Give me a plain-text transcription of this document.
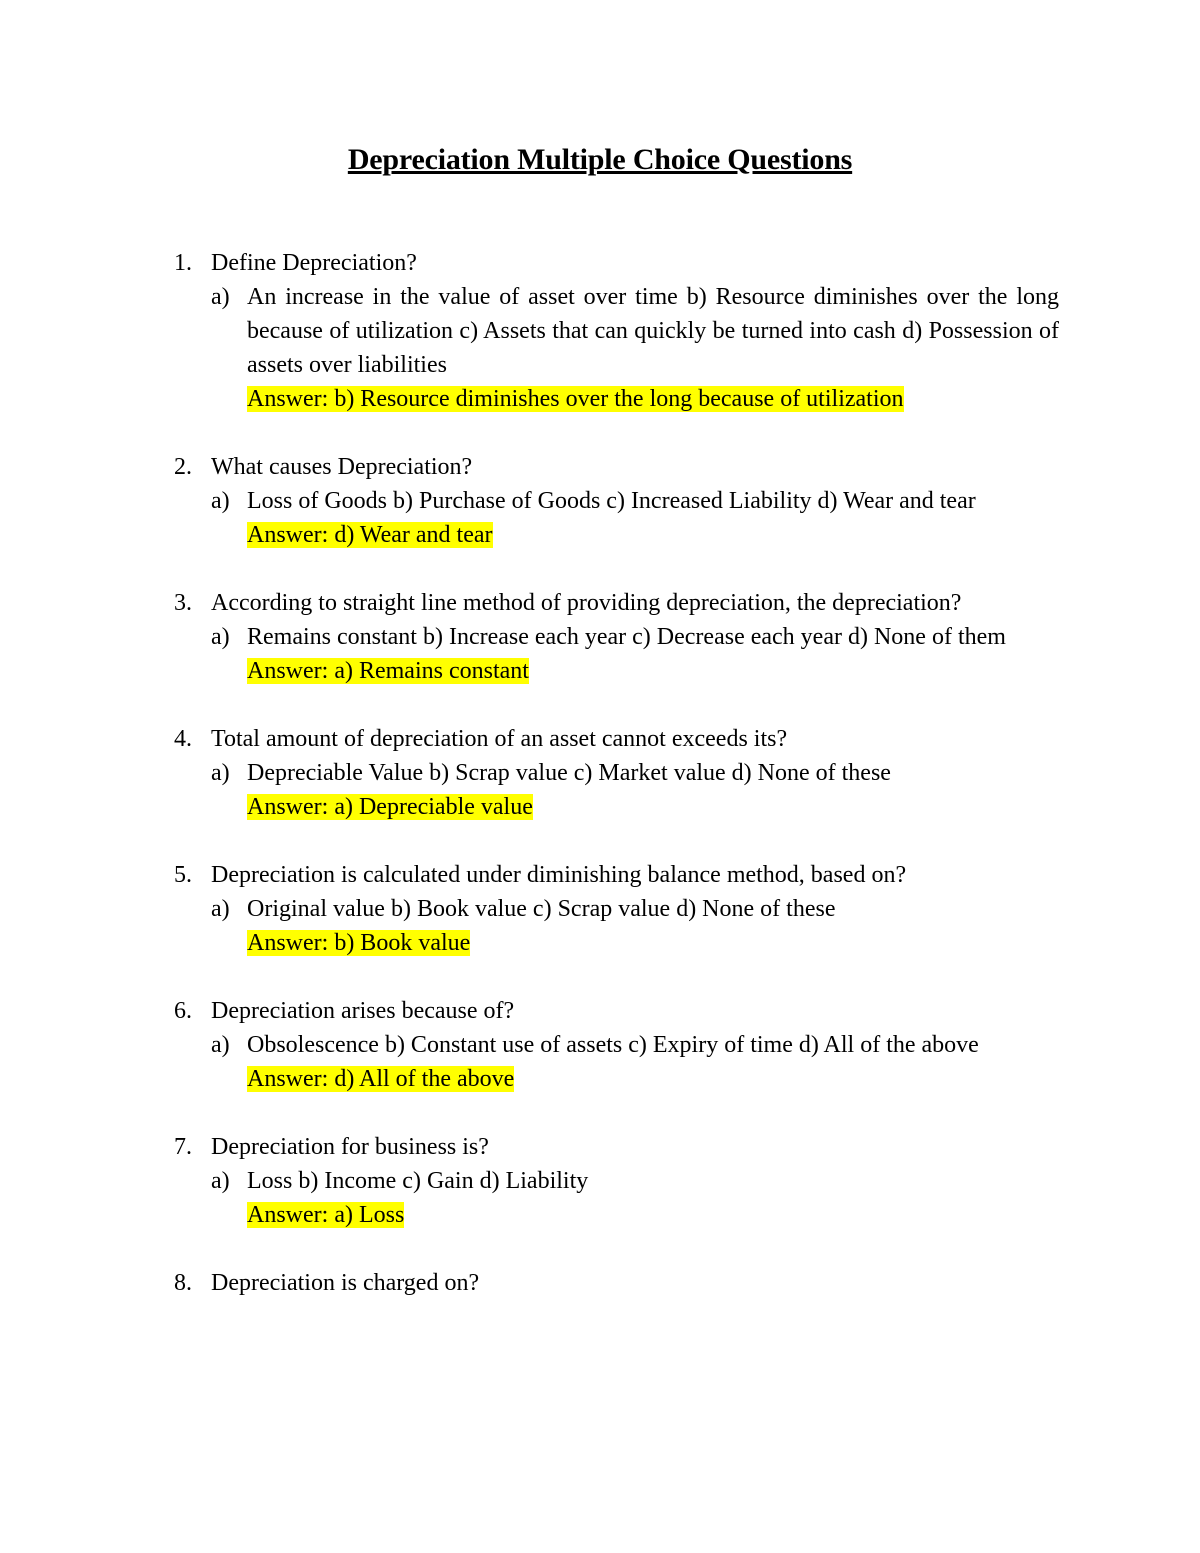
Depreciation Multiple Choice Questions
1. Define Depreciation?
a) An increase in the value of asset over time b) Resource diminishes over the long because of utilization c) Assets that can quickly be turned into cash d) Possession of assets over liabilities
Answer: b) Resource diminishes over the long because of utilization
2. What causes Depreciation?
a) Loss of Goods b) Purchase of Goods c) Increased Liability d) Wear and tear
Answer: d) Wear and tear
3. According to straight line method of providing depreciation, the depreciation?
a) Remains constant b) Increase each year c) Decrease each year d) None of them
Answer: a) Remains constant
4. Total amount of depreciation of an asset cannot exceeds its?
a) Depreciable Value b) Scrap value c) Market value d) None of these
Answer: a) Depreciable value
5. Depreciation is calculated under diminishing balance method, based on?
a) Original value b) Book value c) Scrap value d) None of these
Answer: b) Book value
6. Depreciation arises because of?
a) Obsolescence b) Constant use of assets c) Expiry of time d) All of the above
Answer: d) All of the above
7. Depreciation for business is?
a) Loss b) Income c) Gain d) Liability
Answer: a) Loss
8. Depreciation is charged on?
